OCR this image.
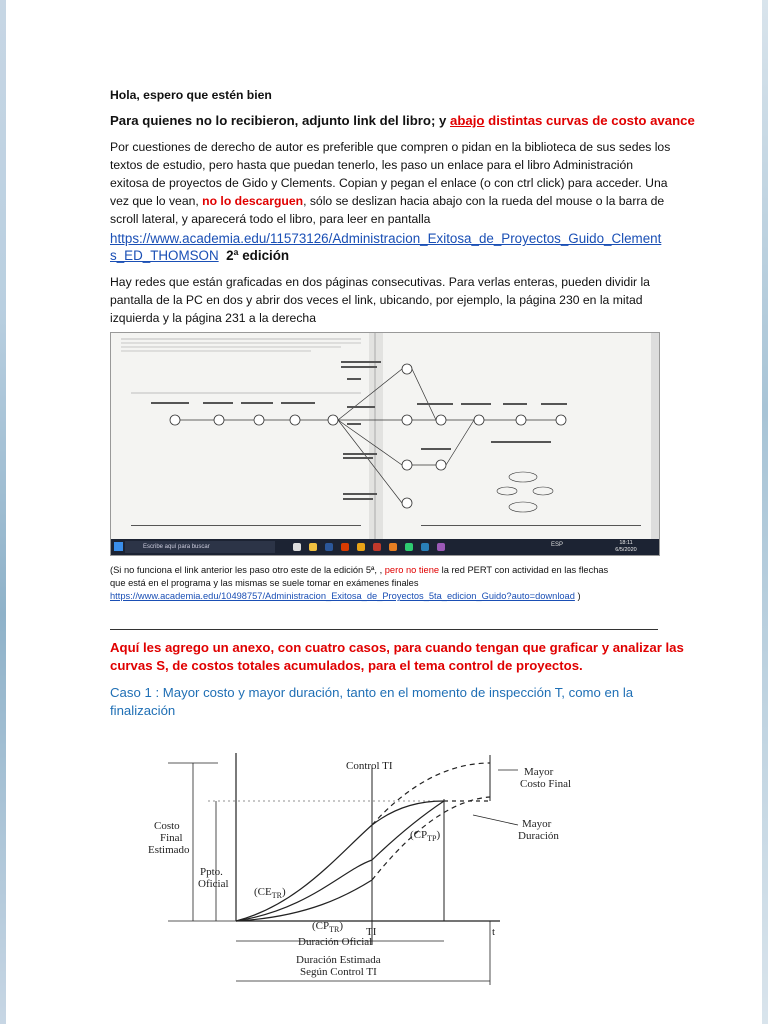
Hola, espero que estén bien
Para quienes no lo recibieron, adjunto link del libro; y abajo distintas curvas de costo avance
Por cuestiones de derecho de autor es preferible que compren o pidan en la biblioteca de sus sedes los
textos de estudio, pero hasta que puedan tenerlo, les paso un enlace para el libro Administración
exitosa de proyectos de Gido y Clements. Copian y pegan el enlace (o con ctrl click) para acceder. Una
vez que lo vean, no lo descarguen, sólo se deslizan hacia abajo con la rueda del mouse o la barra de
scroll lateral, y aparecerá todo el libro, para leer en pantalla
https://www.academia.edu/11573126/Administracion_Exitosa_de_Proyectos_Guido_Clement
s_ED_THOMSON 2ª edición
Hay redes que están graficadas en dos páginas consecutivas. Para verlas enteras, pueden dividir la
pantalla de la PC en dos y abrir dos veces el link, ubicando, por ejemplo, la página 230 en la mitad
izquierda y la página 231 a la derecha
Escribe aquí para buscar	ESP	18:11
6/5/2020
(Si no funciona el link anterior les paso otro este de la edición 5ª, , pero no tiene la red PERT con actividad en las flechas
que está en el programa y las mismas se suele tomar en exámenes finales
https://www.academia.edu/10498757/Administracion_Exitosa_de_Proyectos_5ta_edicion_Guido?auto=download )
Aquí les agrego un anexo, con cuatro casos, para cuando tengan que graficar y analizar las
curvas S, de costos totales acumulados, para el tema control de proyectos.
Caso 1 : Mayor costo y mayor duración, tanto en el momento de inspección T, como en la
finalización
Control TI	Mayor
Costo Final
Mayor
Duración
Costo
Final
Estimado
Ppto.
Oficial
$(CE_{TR})$
$(CP_{TP})$
$(CP_{TR})$ TI	t
Duración Oficial
Duración Estimada
Según Control TI
